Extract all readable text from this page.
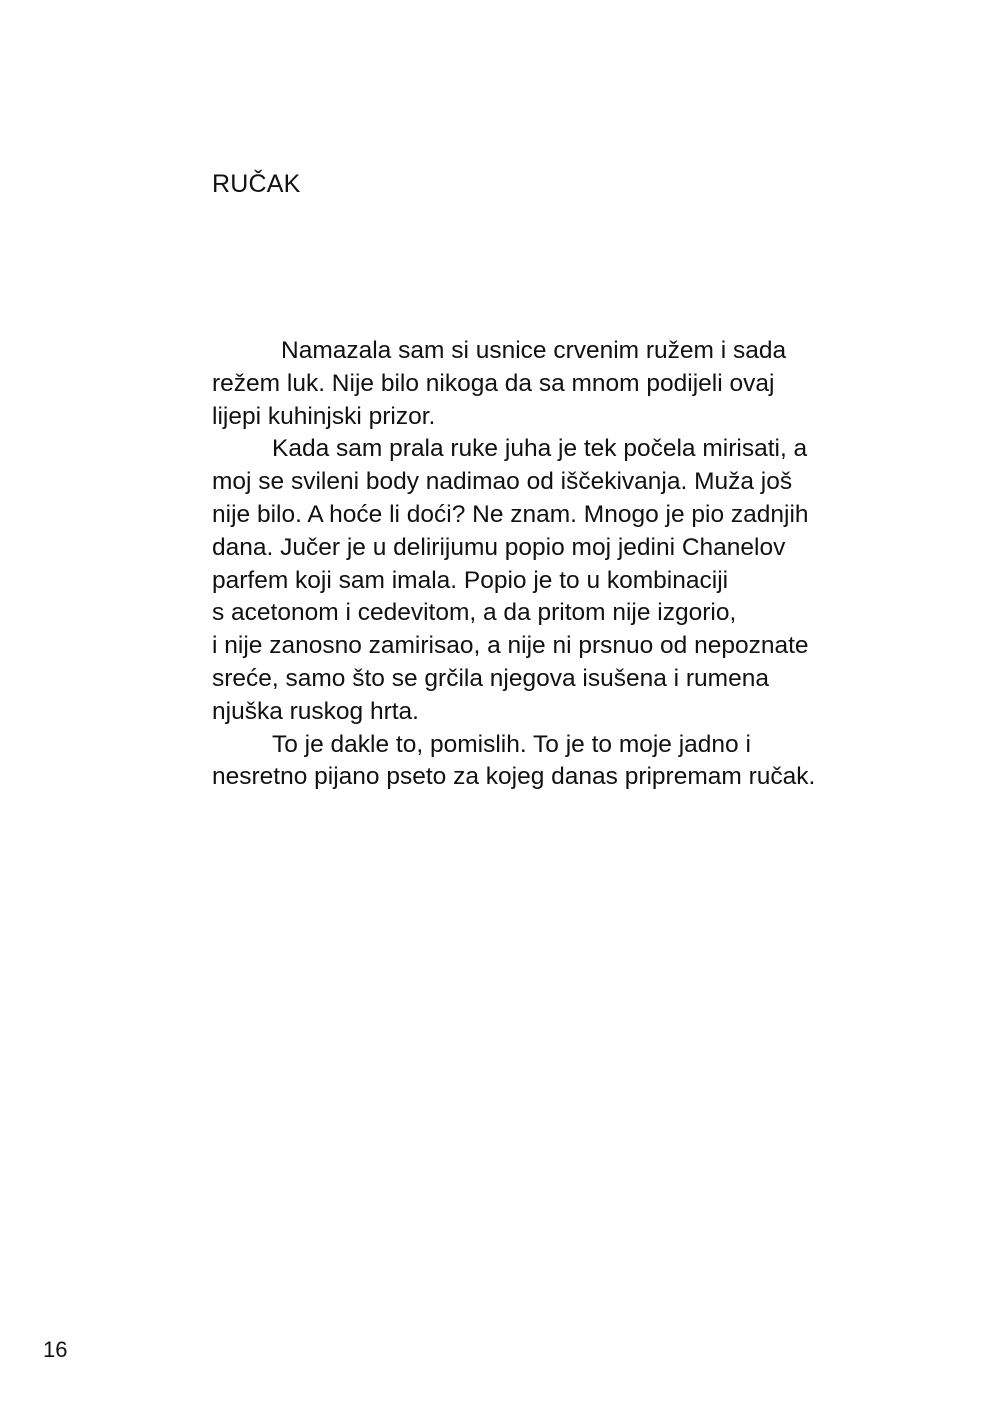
RUČAK

Namazala sam si usnice crvenim ružem i sada
režem luk. Nije bilo nikoga da sa mnom podijeli ovaj
lijepi kuhinjski prizor.

Kada sam prala ruke juha je tek počela mirisati, a
moj se svileni body nadimao od iščekivanja. Muža još
nije bilo. A hoće li doći? Ne znam. Mnogo je pio zadnjih
dana. Jučer je u delirijumu popio moj jedini Chanelov
parfem koji sam imala. Popio je to u kombinaciji
s acetonom i cedevitom, a da pritom nije izgorio,
i nije zanosno zamirisao, a nije ni prsnuo od nepoznate
sreće, samo što se grčila njegova isušena i rumena
njuška ruskog hrta.

To je dakle to, pomislih. To je to moje jadno i
nesretno pijano pseto za kojeg danas pripremam ručak.

16
